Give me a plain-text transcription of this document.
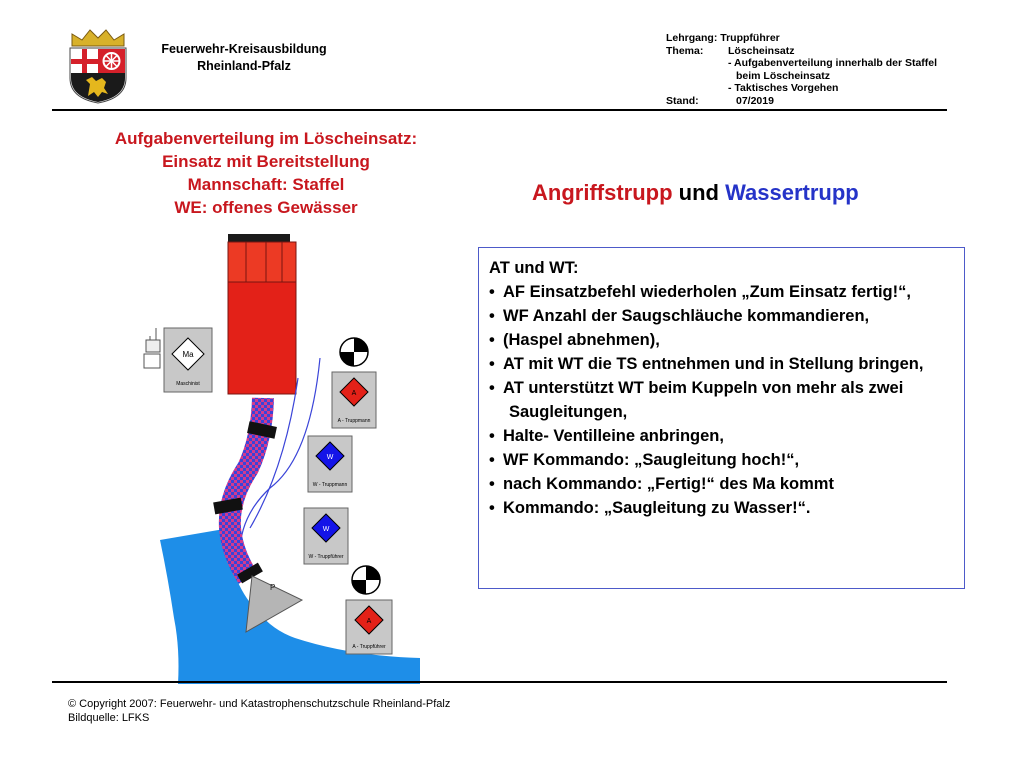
Feuerwehr-Kreisausbildung
Rheinland-Pfalz
Lehrgang:
Truppführer
Thema:	Löscheinsatz
- Aufgabenverteilung innerhalb der Staffel
beim Löscheinsatz
- Taktisches Vorgehen
Stand:	07/2019
Aufgabenverteilung im Löscheinsatz:
Einsatz mit Bereitstellung
Mannschaft: Staffel
WE: offenes Gewässer
Angriffstrupp und Wassertrupp
P
Ma
Maschinist
A
A - Truppmann
W
W - Truppmann
W
W - Truppführer
A
A - Truppführer
AT und WT:
• AF Einsatzbefehl wiederholen „Zum Einsatz fertig!“,
• WF Anzahl der Saugschläuche kommandieren,
• (Haspel abnehmen),
• AT mit WT die TS entnehmen und in Stellung bringen,
• AT unterstützt WT beim Kuppeln von mehr als zwei Saugleitungen,
• Halte- Ventilleine anbringen,
• WF Kommando: „Saugleitung hoch!“,
• nach Kommando: „Fertig!“ des Ma kommt
• Kommando: „Saugleitung zu Wasser!“.
© Copyright 2007: Feuerwehr- und Katastrophenschutzschule Rheinland-Pfalz
Bildquelle: LFKS
